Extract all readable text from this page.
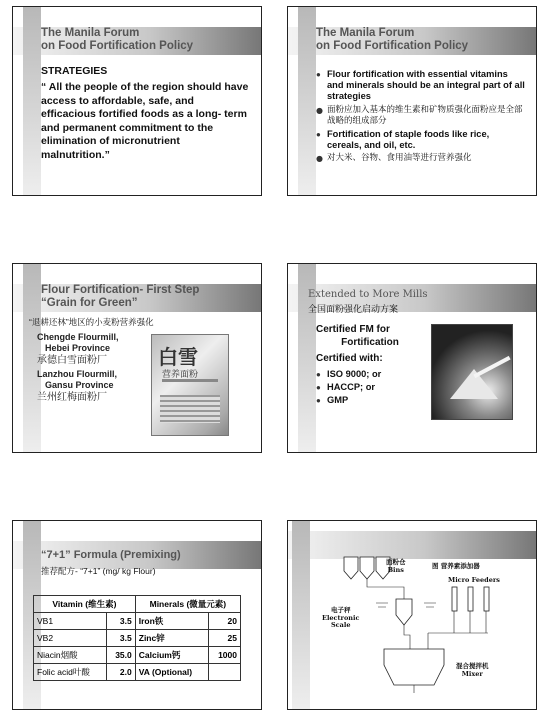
The Manila Forum
on Food Fortification Policy
STRATEGIES
“ All the people of the region should have access to affordable, safe, and efficacious fortified foods as a long- term and permanent commitment to the elimination of micronutrient malnutrition.”
The Manila Forum
on Food Fortification Policy
● Flour fortification with essential vitamins and minerals should be an integral part of all strategies
● 面粉应加入基本的维生素和矿物质强化面粉应是全部战略的组成部分
● Fortification of staple foods like rice, cereals, and oil, etc.
● 对大米、谷物、食用油等进行营养强化
Flour Fortification- First Step
“Grain for Green”
“退耕还林”地区的小麦粉营养强化
Chengde Flourmill,
Hebei Province
承德白雪面粉厂
Lanzhou Flourmill,
Gansu Province
兰州红梅面粉厂
白雪
营养面粉
Extended to More Mills
全国面粉强化启动方案
Certified FM for
Fortification
Certified with:
● ISO 9000; or
● HACCP; or
● GMP
“7+1” Formula (Premixing)
推荐配方- “7+1” (mg/ kg Flour)
Vitamin (维生素)		Minerals (微量元素)	
VB1	3.5	Iron铁	20
VB2	3.5	Zinc锌	25
Niacin烟酸	35.0	Calcium钙	1000
Folic acid叶酸	2.0	VA (Optional)	
面粉仓
Bins	图 营养素添加器
Micro Feeders
电子秤
Electronic
Scale
混合搅拌机
Mixer
